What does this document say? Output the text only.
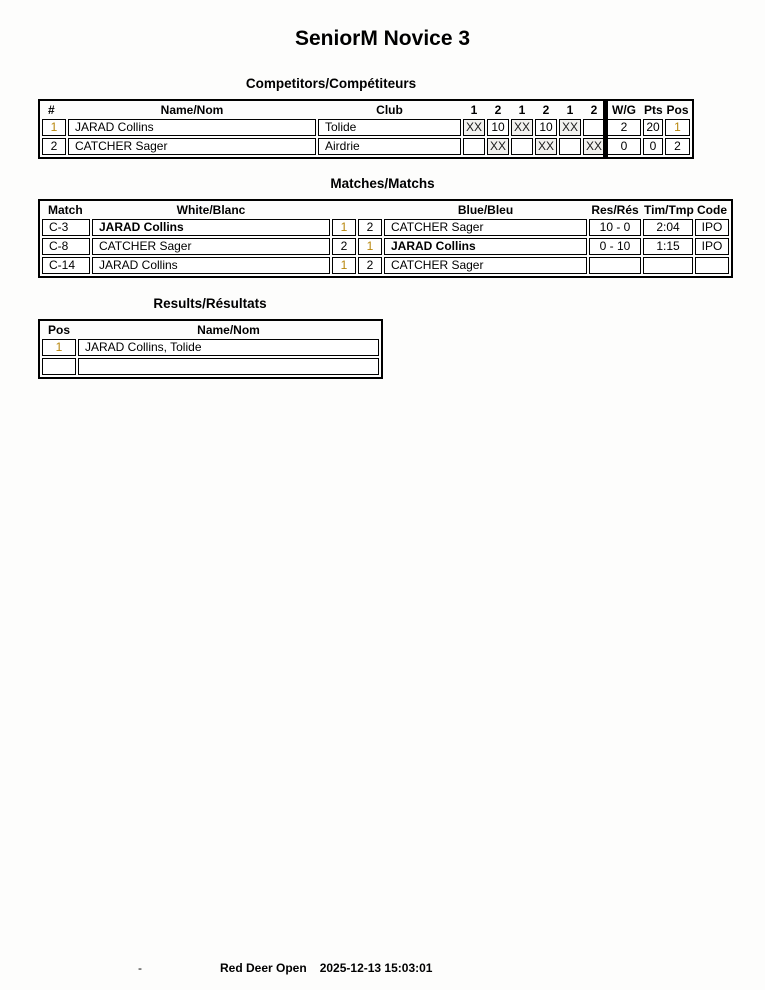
SeniorM Novice 3
Competitors/Compétiteurs
#	Name/Nom	Club	1	2	1	2	1	2	W/G	Pts	Pos
1	JARAD Collins	Tolide	XX	10	XX	10	XX		2	20	1
2	CATCHER Sager	Airdrie		XX		XX		XX	0	0	2
Matches/Matchs
Match	White/Blanc			Blue/Bleu	Res/Rés	Tim/Tmp	Code
C-3	JARAD Collins	1	2	CATCHER Sager	10 - 0	2:04	IPO
C-8	CATCHER Sager	2	1	JARAD Collins	0 - 10	1:15	IPO
C-14	JARAD Collins	1	2	CATCHER Sager			
Results/Résultats
Pos	Name/Nom
1	JARAD Collins, Tolide

-	Red Deer Open 2025-12-13 15:03:01
